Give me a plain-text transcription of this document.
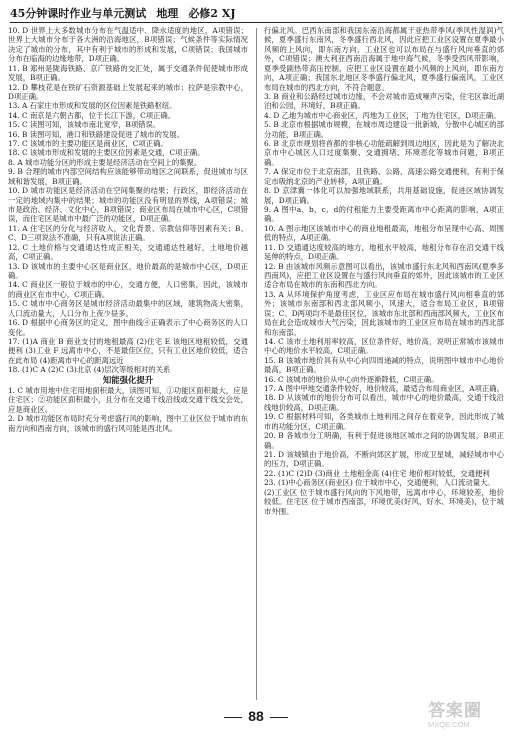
45分钟课时作业与单元测试 地理 必修2 XJ

10. D 世界上大多数城市分布在气温适中、降水适度的地区，A项错误；世界上大城市分布于各大洲的沿海地区，B项错误；气候条件等实际情况决定了城市的分布，其中有利于城市的形成和发展，C项错误；我国城市分布在临海的边缘地带，D项正确。

11. B 郑州是陇海铁路、京广铁路的交汇处，属于交通条件促使城市形成发展，B项正确。

12. D 攀枝花是在铁矿石资源基础上发展起来的城市；拉萨是宗教中心，D项正确。

13. A 石家庄市形成和发展的区位因素是铁路枢纽。

14. C 南京是六朝古都，位于长江下游，C项正确。

15. C 读图可知，该城市南北宽窄，B项错误。

16. B 读图可知，港口和铁路建设促进了城市的发展。

17. C 该城市的主要功能区是商业区，C项正确。

18. C 该城市形成和发展的主要区位因素是交通，C项正确。

8. A 城市功能分区的形成主要是经济活动在空间上的集聚。

9. B 合理的城市内部空间结构应该能够带动地区之间联系，促进城市与区域和谐发展，B项正确。

10. D 城市功能区是经济活动在空间集聚的结果；行政区，即经济活动在一定的地域内集中的结果；城市的功能区没有明显的界线，A项错误；城市是政治、经济、文化中心，B项错误；商业区布局在城市中心区，C项错误，而住宅区是城市中最广泛的功能区，D项正确。

11. A 住宅区的分化与经济收入，文化背景、宗教信仰等因素有关；B、C、D三项说法不准确，只有A项说法正确。

12. C 土地价格与交通通达性成正相关，交通通达性越好，土地地价越高，C项正确。

13. D 该城市的主要中心区是商业区，地价最高的是城市中心区，D项正确。

14. C 商业区一般位于城市的中心，交通方便，人口密集，因此，该城市的商业区在市中心，C项正确。

15. C 城市中心商务区是城市经济活动最集中的区域，建筑物高大密集，人口流动量大，人口分布上夜少昼多。

16. D 根据中心商务区的定义，图中曲线④正确表示了中心商务区的人口变化。

17. (1)A 商业 B 商业支付的地租最高 (2)住宅 E 该地区地租较低，交通便利 (3)工业 F 远离市中心，不是最佳区位，只有工业区地价较低，适合在此布局 (4)距离市中心的距离远近

18. (1)C A (2)C (3)北京 (4)层次等级相对的关系

知能强化提升

1. C 城市用地中住宅用地面积最大，读图可知，①功能区面积最大，应是住宅区；②功能区面积最小，且分布在交通干线沿线或交通干线交会处，应是商业区。

2. D 城市功能区布局时充分考虑盛行风的影响，图中工业区位于城市的东南方向和西南方向，该城市的盛行风可能是西北风。

行偏北风。巴西东南部和我国东南沿海都属于亚热带季风(季风性湿润)气候，夏季盛行东南风，冬季盛行西北风，因此应把工业区设置在夏季最小风频的上风向，即东南方向，工业区也可以布局在与盛行风向垂直的郊外，C项错误；澳大利亚西南沿海属于地中海气候，冬季受西风带影响，夏季受副热带高压控制，应把工业区设置在最小风频的上风向，即东南方向，A项正确；我国东北地区冬季盛行偏北风，夏季盛行偏南风，工业区布局在城市的西北方向，不符合题意。

3. B 商业和公路经过城市边缘，不会对城市造成噪声污染，住宅区靠近湖泊和公园，环境好，B项正确。

4. D 乙地为城市中心商业区，丙地为工业区，丁地为住宅区，D项正确。

5. B 北京市根据城市规模，在城市周边建设一批新城，分散中心城区的部分功能，B项正确。

6. B 北京市规划将首都的非核心功能疏解到周边地区，因此是为了解决北京市中心城区人口过度集聚、交通拥堵、环境恶化等城市问题，B项正确。

7. A 保定市位于北京南部，且铁路、公路、高速公路交通便利，有利于保定市吸纳北京的产业转移，A项正确。

8. D 京津冀一体化可以加强地域联系，共用基础设施，促进区域协调发展，D项正确。

9. A 图中a、b、c、d的付租能力主要受距离市中心距离的影响，A项正确。

10. A 图示地区该城市中心的商业地租最高，地租分布呈现中心高、周围低的特点，A项正确。

11. D 交通通达度较高的地方，地租水平较高，地租分布存在沿交通干线延伸的特点，D项正确。

12. B 由该城市风频示意图可以看出，该城市盛行东北风和西南风(夏季多西南风)，应把工业区设置在与盛行风向垂直的郊外，因此该城市的工业区适合布局在城市的东南和西北方向。

13. A 从环境保护角度考虑，工业区应布局在城市盛行风向相垂直的郊外；该城市东南部和西北部风频小，风速大，适合布局工业区，B项错误；C、D两项均不是最佳区位，该城市东北部和西南部风频大，工业区布局在此会造成城市大气污染，因此该城市的工业区应布局在城市的西北部和东南部。

14. C 该市土地利用率较高，区位条件好，地价高，说明正常城市该城市中心的地价水平较高，C项正确。

15. B 该城市地价具有从中心向四周递减的特点，说明图中城市中心地价最高，B项正确。

16. C 该城市的地价从中心向外逐渐降低，C项正确。

17. A 图中甲地交通条件较好，地价较高，最适合布局商业区，A项正确。

18. D 从该城市的地价分布可以看出，城市中心的地价最高，交通干线沿线地价较高，D项正确。

19. C 根据材料可知，各类城市土地利用之间存在着竞争，因此形成了城市的功能分区，C项正确。

20. B 各城市分工明确，有利于促进该地区城市之间的协调发展，B项正确。

21. D 该城镇由于地价高，不断向郊区扩展，形成卫星城，减轻城市中心的压力，D项正确。

22. (1)C (2)D (3)商业 土地租金高 (4)住宅 地价相对较低，交通便利

23. (1)中心商务区(商业区) 位于城市中心，交通便利，人口流动量大。

(2)工业区 位于城市盛行风向的下风地带，远离市中心，环境较差，地价较低。住宅区 位于城市西南部，环境优美(好风、好水、环境美)，位于城市外围。

88	答案圈
MXQE.COM
